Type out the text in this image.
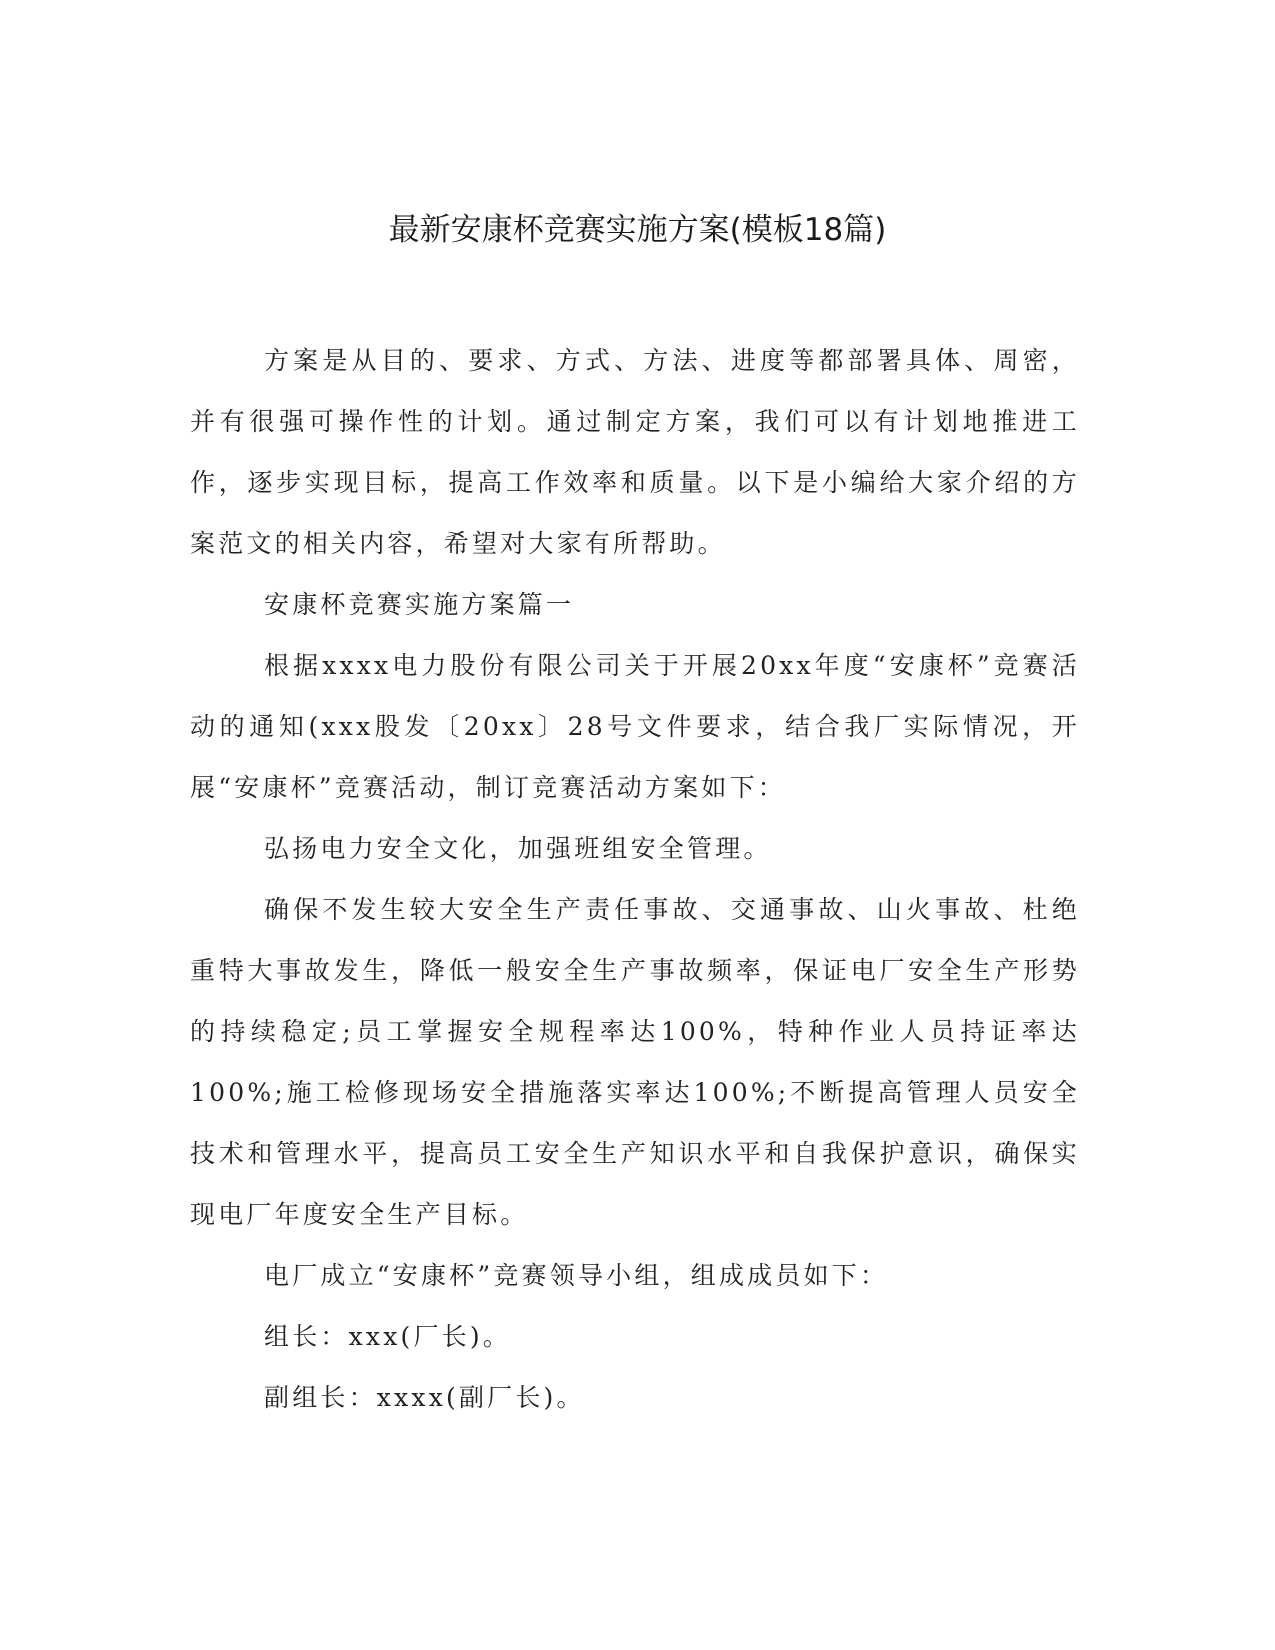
最新安康杯竞赛实施方案(模板18篇)

方案是从目的、要求、方式、方法、进度等都部署具体、周密，并有很强可操作性的计划。通过制定方案，我们可以有计划地推进工作，逐步实现目标，提高工作效率和质量。以下是小编给大家介绍的方案范文的相关内容，希望对大家有所帮助。

安康杯竞赛实施方案篇一

根据xxxx电力股份有限公司关于开展20xx年度“安康杯”竞赛活动的通知(xxx股发〔20xx〕28号文件要求，结合我厂实际情况，开展“安康杯”竞赛活动，制订竞赛活动方案如下：

弘扬电力安全文化，加强班组安全管理。

确保不发生较大安全生产责任事故、交通事故、山火事故、杜绝重特大事故发生，降低一般安全生产事故频率，保证电厂安全生产形势的持续稳定;员工掌握安全规程率达100%，特种作业人员持证率达100%;施工检修现场安全措施落实率达100%;不断提高管理人员安全技术和管理水平，提高员工安全生产知识水平和自我保护意识，确保实现电厂年度安全生产目标。

电厂成立“安康杯”竞赛领导小组，组成成员如下：

组长：xxx(厂长)。

副组长：xxxx(副厂长)。
